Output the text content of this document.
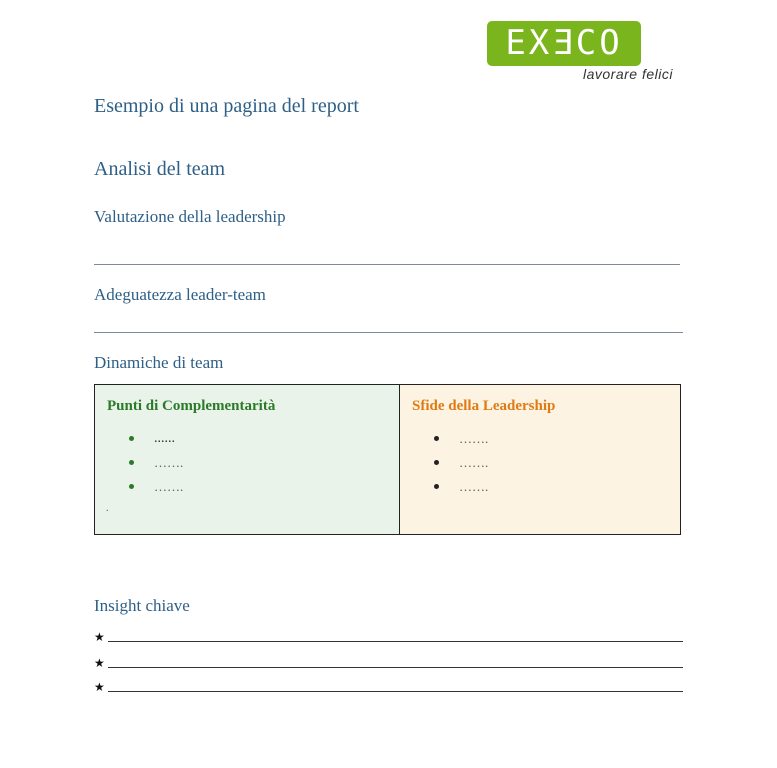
EXƎCO
lavorare felici
Esempio di una pagina del report
Analisi del team
Valutazione della leadership
Adeguatezza leader-team
Dinamiche di team
Punti di Complementarità
......
…….
…….
.
Sfide della Leadership
…….
…….
…….
Insight chiave
★
★
★
